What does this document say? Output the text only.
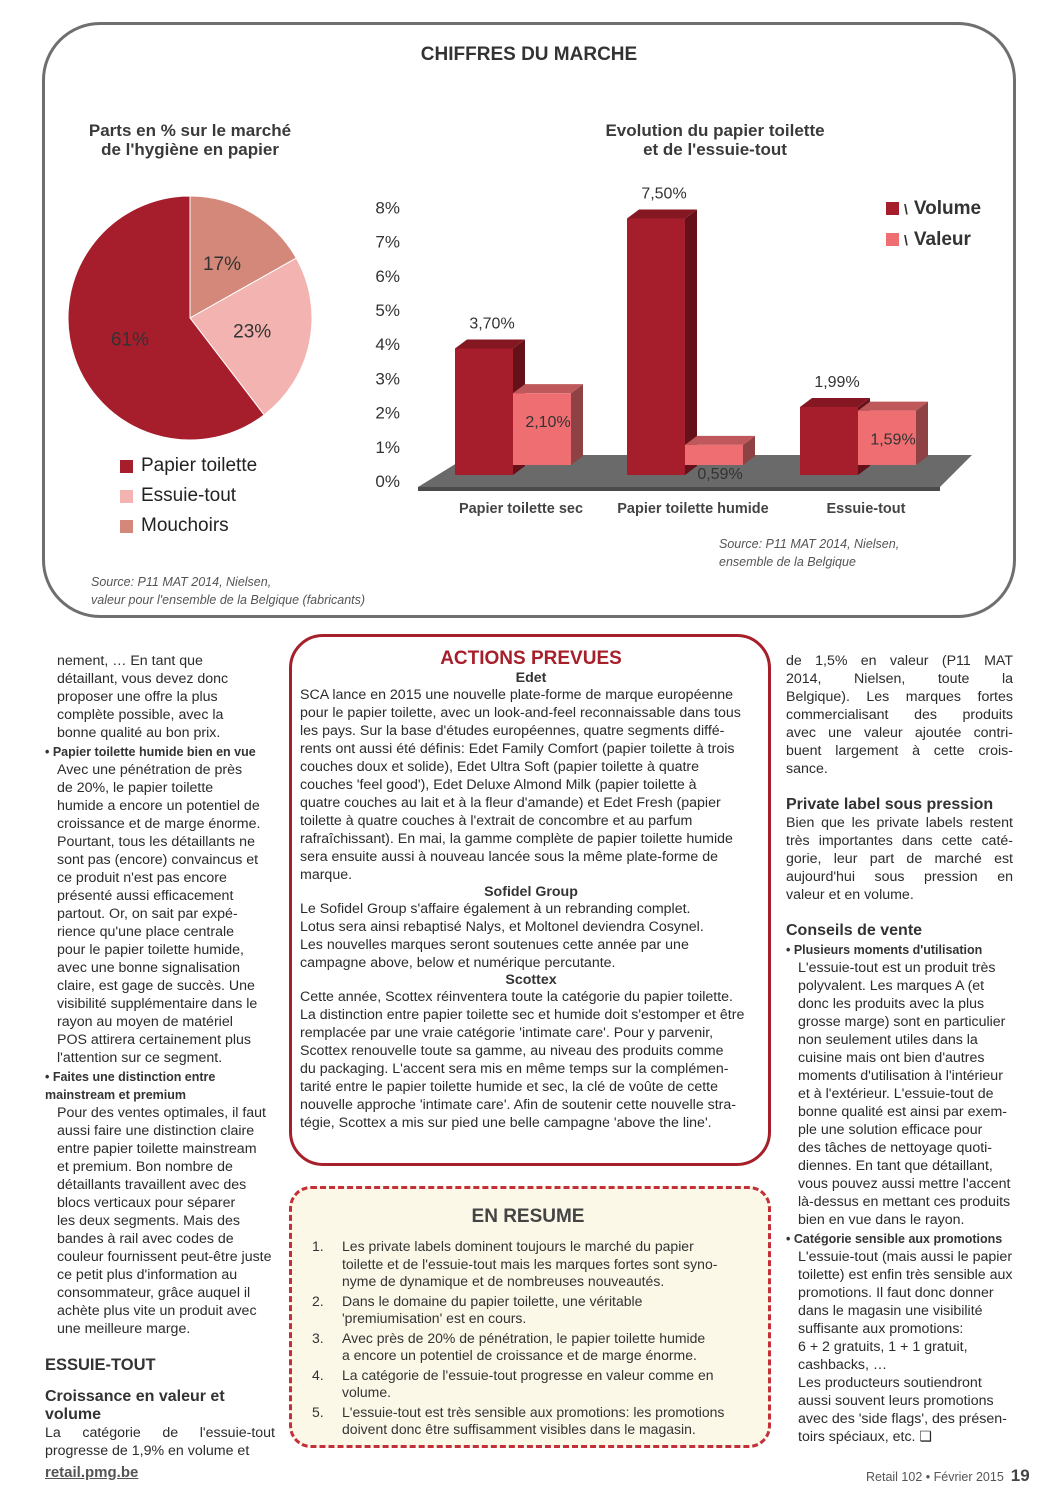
CHIFFRES DU MARCHE
Parts en % sur le marché
de l'hygiène en papier
17%
23%
61%
Papier toilette
Essuie-tout
Mouchoirs
Source: P11 MAT 2014, Nielsen,
valeur pour l'ensemble de la Belgique (fabricants)
Evolution du papier toilette
et de l'essuie-tout
0%
1%
2%
3%
4%
5%
6%
7%
8%
3,70%
2,10%
Papier toilette sec
7,50%
0,59%
Papier toilette humide
1,99%
1,59%
Essuie-tout
\ Volume
\ Valeur
Source: P11 MAT 2014, Nielsen,
ensemble de la Belgique
nement, … En tant que
détaillant, vous devez donc
proposer une offre la plus
complète possible, avec la
bonne qualité au bon prix.
• Papier toilette humide bien en vue
Avec une pénétration de près
de 20%, le papier toilette
humide a encore un potentiel de
croissance et de marge énorme.
Pourtant, tous les détaillants ne
sont pas (encore) convaincus et
ce produit n'est pas encore
présenté aussi efficacement
partout. Or, on sait par expé-
rience qu'une place centrale
pour le papier toilette humide,
avec une bonne signalisation
claire, est gage de succès. Une
visibilité supplémentaire dans le
rayon au moyen de matériel
POS attirera certainement plus
l'attention sur ce segment.
• Faites une distinction entre
mainstream et premium
Pour des ventes optimales, il faut
aussi faire une distinction claire
entre papier toilette mainstream
et premium. Bon nombre de
détaillants travaillent avec des
blocs verticaux pour séparer
les deux segments. Mais des
bandes à rail avec codes de
couleur fournissent peut-être juste
ce petit plus d'information au
consommateur, grâce auquel il
achète plus vite un produit avec
une meilleure marge.
ESSUIE-TOUT
Croissance en valeur et volume
La catégorie de l'essuie-tout
progresse de 1,9% en volume et
ACTIONS PREVUES
Edet
SCA lance en 2015 une nouvelle plate-forme de marque européenne
pour le papier toilette, avec un look-and-feel reconnaissable dans tous
les pays. Sur la base d'études européennes, quatre segments diffé-
rents ont aussi été définis: Edet Family Comfort (papier toilette à trois
couches doux et solide), Edet Ultra Soft (papier toilette à quatre
couches 'feel good'), Edet Deluxe Almond Milk (papier toilette à
quatre couches au lait et à la fleur d'amande) et Edet Fresh (papier
toilette à quatre couches à l'extrait de concombre et au parfum
rafraîchissant). En mai, la gamme complète de papier toilette humide
sera ensuite aussi à nouveau lancée sous la même plate-forme de
marque.
Sofidel Group
Le Sofidel Group s'affaire également à un rebranding complet.
Lotus sera ainsi rebaptisé Nalys, et Moltonel deviendra Cosynel.
Les nouvelles marques seront soutenues cette année par une
campagne above, below et numérique percutante.
Scottex
Cette année, Scottex réinventera toute la catégorie du papier toilette.
La distinction entre papier toilette sec et humide doit s'estomper et être
remplacée par une vraie catégorie 'intimate care'. Pour y parvenir,
Scottex renouvelle toute sa gamme, au niveau des produits comme
du packaging. L'accent sera mis en même temps sur la complémen-
tarité entre le papier toilette humide et sec, la clé de voûte de cette
nouvelle approche 'intimate care'. Afin de soutenir cette nouvelle stra-
tégie, Scottex a mis sur pied une belle campagne 'above the line'.
EN RESUME
1. Les private labels dominent toujours le marché du papier
toilette et de l'essuie-tout mais les marques fortes sont syno-
nyme de dynamique et de nombreuses nouveautés.
2. Dans le domaine du papier toilette, une véritable
'premiumisation' est en cours.
3. Avec près de 20% de pénétration, le papier toilette humide
a encore un potentiel de croissance et de marge énorme.
4. La catégorie de l'essuie-tout progresse en valeur comme en
volume.
5. L'essuie-tout est très sensible aux promotions: les promotions
doivent donc être suffisamment visibles dans le magasin.
de 1,5% en valeur (P11 MAT
2014, Nielsen, toute la
Belgique). Les marques fortes
commercialisant des produits
avec une valeur ajoutée contri-
buent largement à cette crois-
sance.
Private label sous pression
Bien que les private labels restent
très importantes dans cette caté-
gorie, leur part de marché est
aujourd'hui sous pression en
valeur et en volume.
Conseils de vente
• Plusieurs moments d'utilisation
L'essuie-tout est un produit très
polyvalent. Les marques A (et
donc les produits avec la plus
grosse marge) sont en particulier
non seulement utiles dans la
cuisine mais ont bien d'autres
moments d'utilisation à l'intérieur
et à l'extérieur. L'essuie-tout de
bonne qualité est ainsi par exem-
ple une solution efficace pour
des tâches de nettoyage quoti-
diennes. En tant que détaillant,
vous pouvez aussi mettre l'accent
là-dessus en mettant ces produits
bien en vue dans le rayon.
• Catégorie sensible aux promotions
L'essuie-tout (mais aussi le papier
toilette) est enfin très sensible aux
promotions. Il faut donc donner
dans le magasin une visibilité
suffisante aux promotions:
6 + 2 gratuits, 1 + 1 gratuit,
cashbacks, …
Les producteurs soutiendront
aussi souvent leurs promotions
avec des 'side flags', des présen-
toirs spéciaux, etc. ❑
retail.pmg.be	Retail 102 • Février 2015 19
